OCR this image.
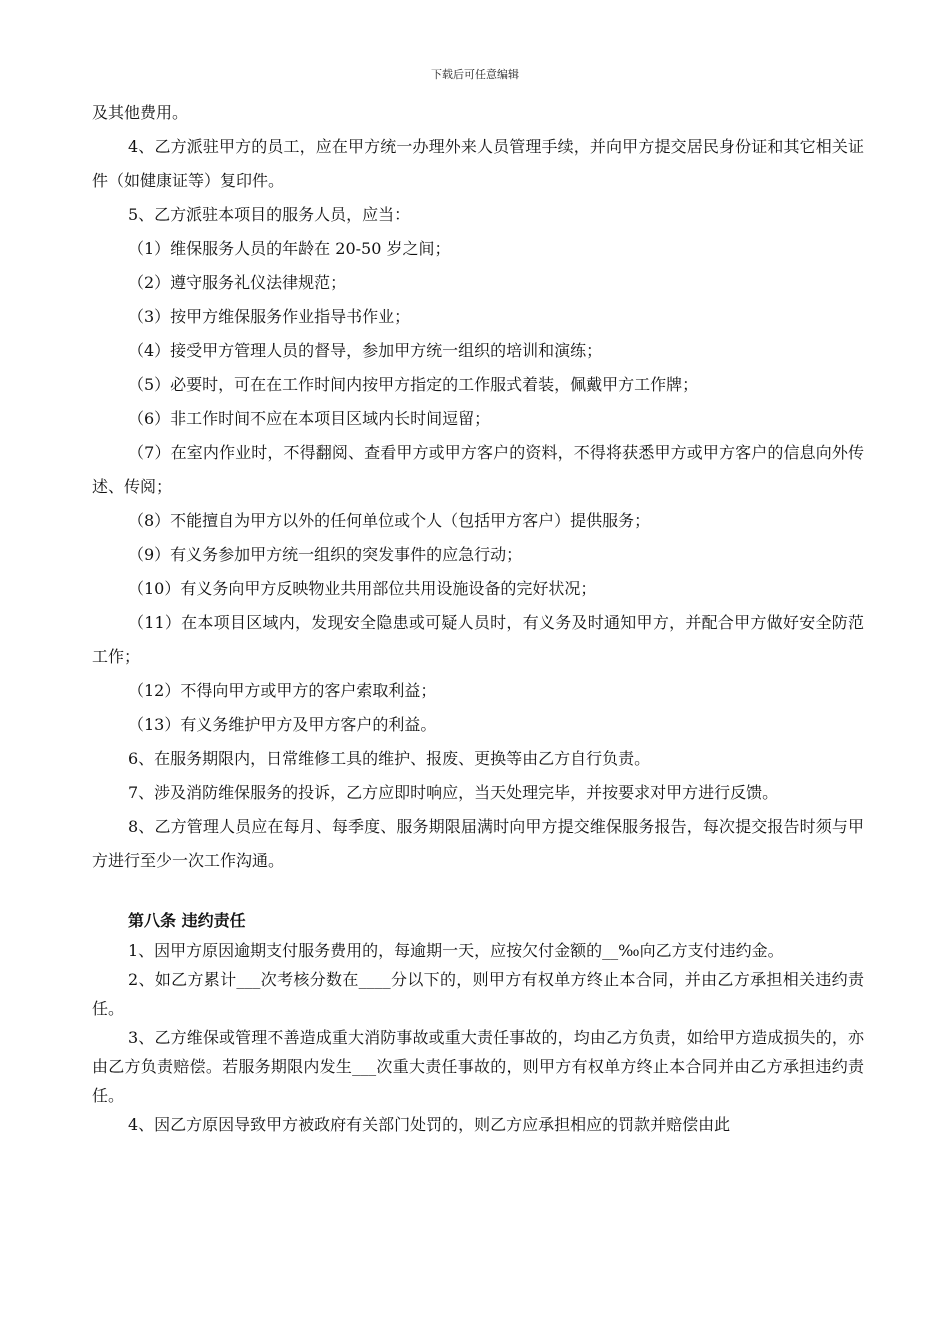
下载后可任意编辑

及其他费用。

4、乙方派驻甲方的员工，应在甲方统一办理外来人员管理手续，并向甲方提交居民身份证和其它相关证件（如健康证等）复印件。

5、乙方派驻本项目的服务人员，应当：

（1）维保服务人员的年龄在 20-50 岁之间；

（2）遵守服务礼仪法律规范；

（3）按甲方维保服务作业指导书作业；

（4）接受甲方管理人员的督导，参加甲方统一组织的培训和演练；

（5）必要时，可在在工作时间内按甲方指定的工作服式着装，佩戴甲方工作牌；

（6）非工作时间不应在本项目区域内长时间逗留；

（7）在室内作业时，不得翻阅、查看甲方或甲方客户的资料，不得将获悉甲方或甲方客户的信息向外传述、传阅；

（8）不能擅自为甲方以外的任何单位或个人（包括甲方客户）提供服务；

（9）有义务参加甲方统一组织的突发事件的应急行动；

（10）有义务向甲方反映物业共用部位共用设施设备的完好状况；

（11）在本项目区域内，发现安全隐患或可疑人员时，有义务及时通知甲方，并配合甲方做好安全防范工作；

（12）不得向甲方或甲方的客户索取利益；

（13）有义务维护甲方及甲方客户的利益。

6、在服务期限内，日常维修工具的维护、报废、更换等由乙方自行负责。

7、涉及消防维保服务的投诉，乙方应即时响应，当天处理完毕，并按要求对甲方进行反馈。

8、乙方管理人员应在每月、每季度、服务期限届满时向甲方提交维保服务报告，每次提交报告时须与甲方进行至少一次工作沟通。

第八条 违约责任

1、因甲方原因逾期支付服务费用的，每逾期一天，应按欠付金额的__‰向乙方支付违约金。

2、如乙方累计___次考核分数在____分以下的，则甲方有权单方终止本合同，并由乙方承担相关违约责任。

3、乙方维保或管理不善造成重大消防事故或重大责任事故的，均由乙方负责，如给甲方造成损失的，亦由乙方负责赔偿。若服务期限内发生___次重大责任事故的，则甲方有权单方终止本合同并由乙方承担违约责任。

4、因乙方原因导致甲方被政府有关部门处罚的，则乙方应承担相应的罚款并赔偿由此
